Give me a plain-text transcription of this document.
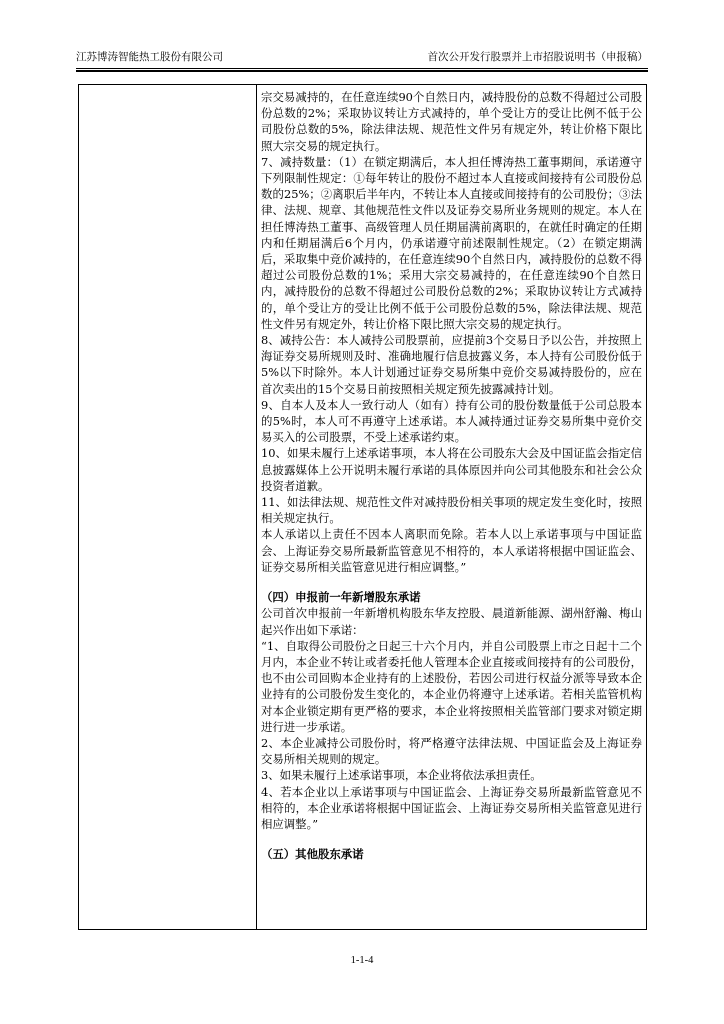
江苏博涛智能热工股份有限公司	首次公开发行股票并上市招股说明书（申报稿）

宗交易减持的，在任意连续90个自然日内，减持股份的总数不得超过公司股份总数的2%；采取协议转让方式减持的，单个受让方的受让比例不低于公司股份总数的5%，除法律法规、规范性文件另有规定外，转让价格下限比照大宗交易的规定执行。

7、减持数量：（1）在锁定期满后，本人担任博涛热工董事期间，承诺遵守下列限制性规定：①每年转让的股份不超过本人直接或间接持有公司股份总数的25%；②离职后半年内，不转让本人直接或间接持有的公司股份；③法律、法规、规章、其他规范性文件以及证券交易所业务规则的规定。本人在担任博涛热工董事、高级管理人员任期届满前离职的，在就任时确定的任期内和任期届满后6个月内，仍承诺遵守前述限制性规定。（2）在锁定期满后，采取集中竞价减持的，在任意连续90个自然日内，减持股份的总数不得超过公司股份总数的1%；采用大宗交易减持的，在任意连续90个自然日内，减持股份的总数不得超过公司股份总数的2%；采取协议转让方式减持的，单个受让方的受让比例不低于公司股份总数的5%，除法律法规、规范性文件另有规定外，转让价格下限比照大宗交易的规定执行。

8、减持公告：本人减持公司股票前，应提前3个交易日予以公告，并按照上海证券交易所规则及时、准确地履行信息披露义务，本人持有公司股份低于5%以下时除外。本人计划通过证券交易所集中竞价交易减持股份的，应在首次卖出的15个交易日前按照相关规定预先披露减持计划。

9、自本人及本人一致行动人（如有）持有公司的股份数量低于公司总股本的5%时，本人可不再遵守上述承诺。本人减持通过证券交易所集中竞价交易买入的公司股票，不受上述承诺约束。

10、如果未履行上述承诺事项，本人将在公司股东大会及中国证监会指定信息披露媒体上公开说明未履行承诺的具体原因并向公司其他股东和社会公众投资者道歉。

11、如法律法规、规范性文件对减持股份相关事项的规定发生变化时，按照相关规定执行。

本人承诺以上责任不因本人离职而免除。若本人以上承诺事项与中国证监会、上海证券交易所最新监管意见不相符的，本人承诺将根据中国证监会、证券交易所相关监管意见进行相应调整。”

（四）申报前一年新增股东承诺

公司首次申报前一年新增机构股东华友控股、晨道新能源、湖州舒瀚、梅山起兴作出如下承诺：

“1、自取得公司股份之日起三十六个月内，并自公司股票上市之日起十二个月内，本企业不转让或者委托他人管理本企业直接或间接持有的公司股份，也不由公司回购本企业持有的上述股份，若因公司进行权益分派等导致本企业持有的公司股份发生变化的，本企业仍将遵守上述承诺。若相关监管机构对本企业锁定期有更严格的要求，本企业将按照相关监管部门要求对锁定期进行进一步承诺。

2、本企业减持公司股份时，将严格遵守法律法规、中国证监会及上海证券交易所相关规则的规定。

3、如果未履行上述承诺事项，本企业将依法承担责任。

4、若本企业以上承诺事项与中国证监会、上海证券交易所最新监管意见不相符的，本企业承诺将根据中国证监会、上海证券交易所相关监管意见进行相应调整。”

（五）其他股东承诺

1-1-4
